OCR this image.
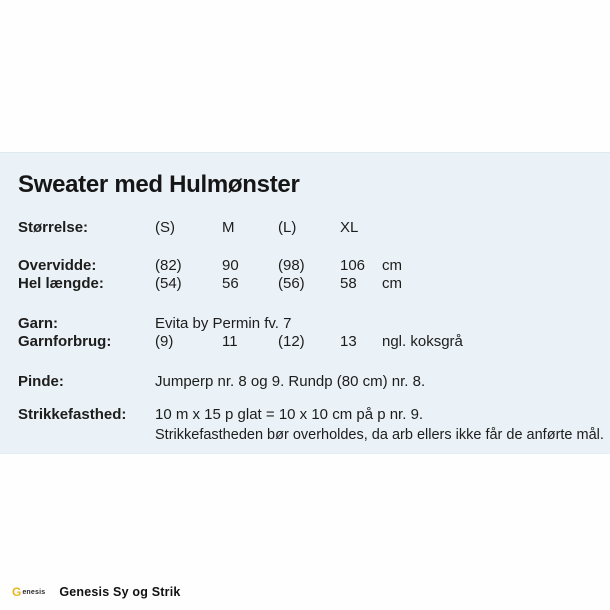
Sweater med Hulmønster
Størrelse:	(S)	M	(L)	XL
Overvidde:	(82)	90	(98)	106	cm
Hel længde:	(54)	56	(56)	58	cm
Garn:	Evita by Permin fv. 7
Garnforbrug:	(9)	11	(12)	13	ngl. koksgrå
Pinde:	Jumperp nr. 8 og 9. Rundp (80 cm) nr. 8.
Strikkefasthed:	10 m x 15 p glat = 10 x 10 cm på p nr. 9.
Strikkefastheden bør overholdes, da arb ellers ikke får de anførte mål.
G enesis Genesis Sy og Strik
